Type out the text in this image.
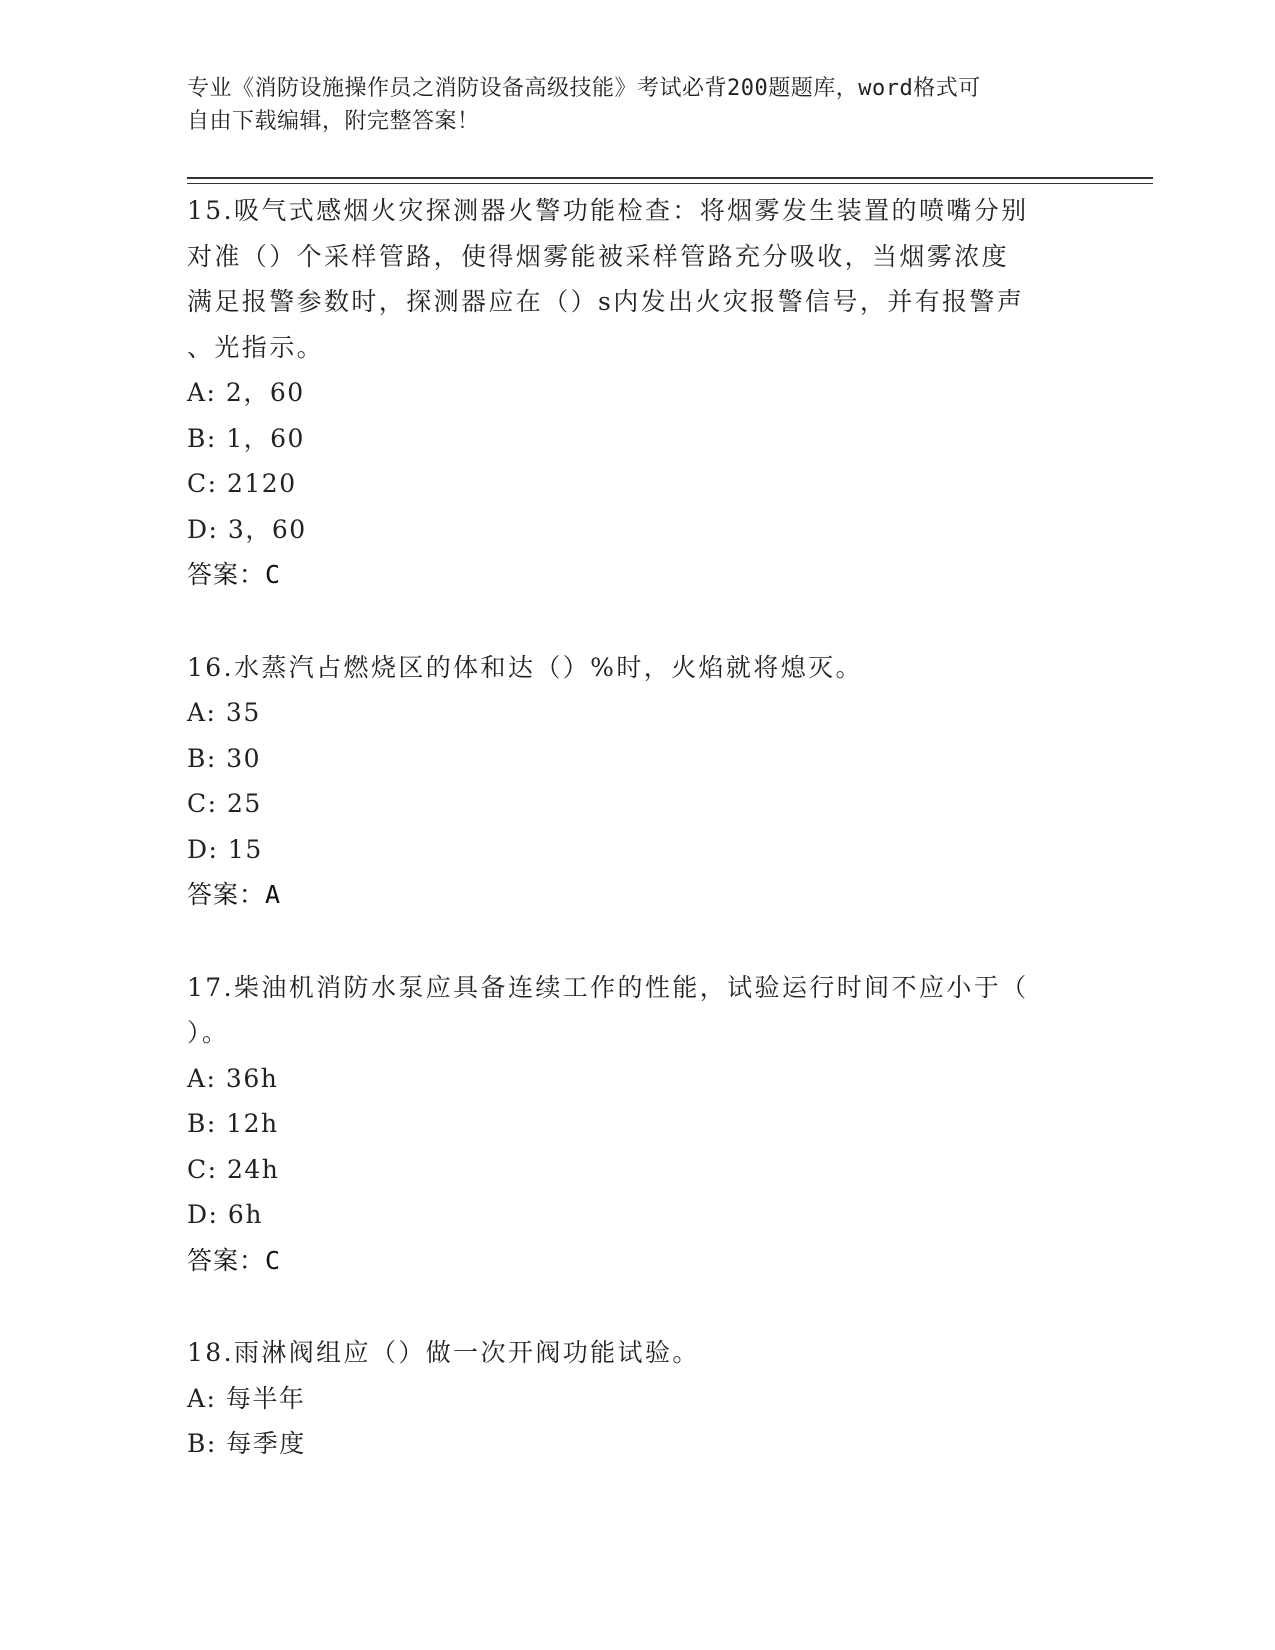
专业《消防设施操作员之消防设备高级技能》考试必背200题题库，word格式可
自由下载编辑，附完整答案！
15.吸气式感烟火灾探测器火警功能检查：将烟雾发生装置的喷嘴分别
对准（）个采样管路，使得烟雾能被采样管路充分吸收，当烟雾浓度
满足报警参数时，探测器应在（）s内发出火灾报警信号，并有报警声
、光指示。
A: 2，60
B: 1，60
C: 2120
D: 3，60
答案：C
16.水蒸汽占燃烧区的体和达（）%时，火焰就将熄灭。
A: 35
B: 30
C: 25
D: 15
答案：A
17.柴油机消防水泵应具备连续工作的性能，试验运行时间不应小于（
）。
A: 36h
B: 12h
C: 24h
D: 6h
答案：C
18.雨淋阀组应（）做一次开阀功能试验。
A: 每半年
B: 每季度
